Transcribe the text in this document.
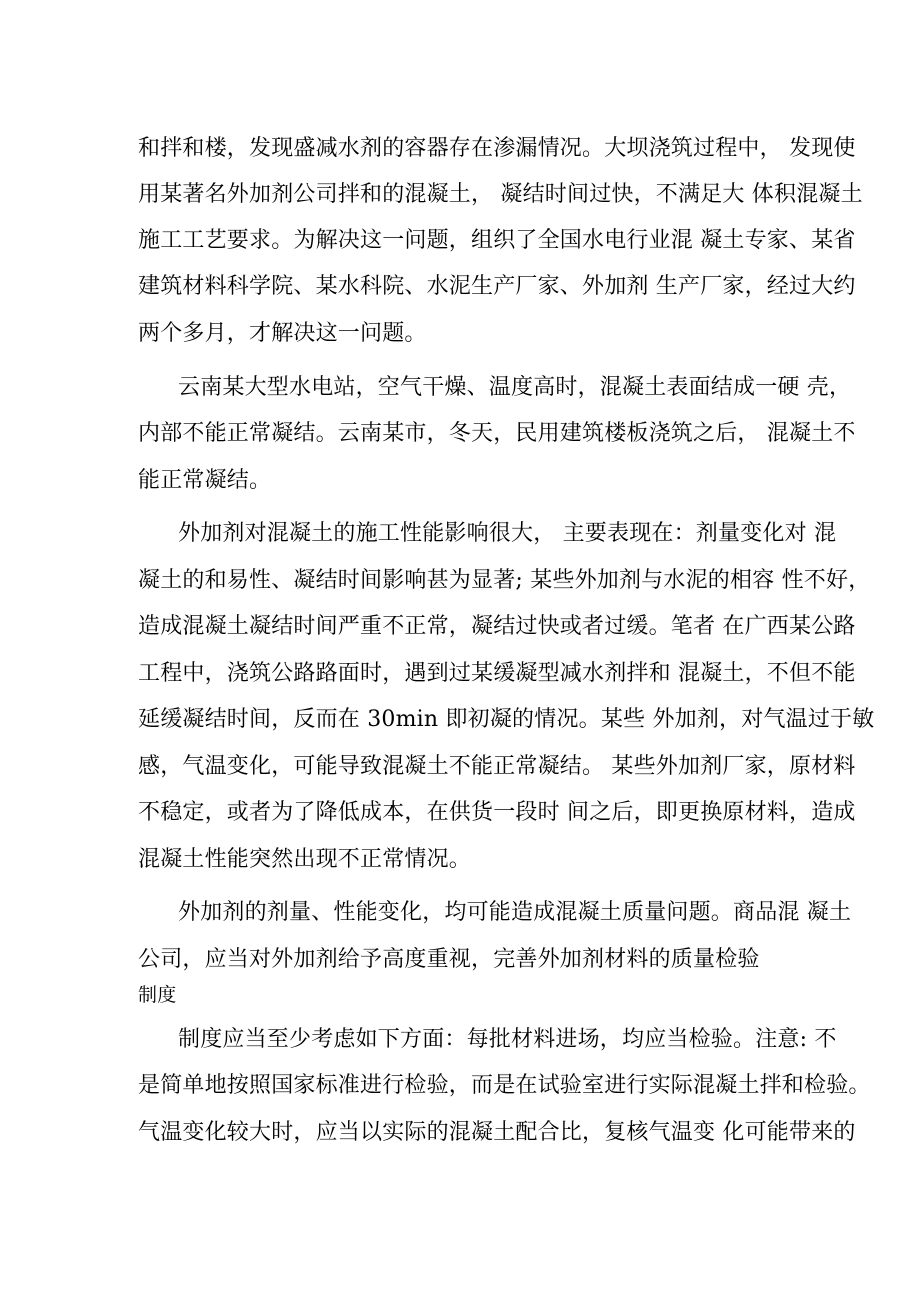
和拌和楼，发现盛减水剂的容器存在渗漏情况。大坝浇筑过程中， 发现使
用某著名外加剂公司拌和的混凝土， 凝结时间过快，不满足大 体积混凝土
施工工艺要求。为解决这一问题，组织了全国水电行业混 凝土专家、某省
建筑材料科学院、某水科院、水泥生产厂家、外加剂 生产厂家，经过大约
两个多月，才解决这一问题。
云南某大型水电站，空气干燥、温度高时，混凝土表面结成一硬 壳，
内部不能正常凝结。云南某市，冬天，民用建筑楼板浇筑之后， 混凝土不
能正常凝结。
外加剂对混凝土的施工性能影响很大， 主要表现在：剂量变化对 混
凝土的和易性、凝结时间影响甚为显著; 某些外加剂与水泥的相容 性不好，
造成混凝土凝结时间严重不正常，凝结过快或者过缓。笔者 在广西某公路
工程中，浇筑公路路面时，遇到过某缓凝型减水剂拌和 混凝土，不但不能
延缓凝结时间，反而在 30min 即初凝的情况。某些 外加剂，对气温过于敏
感，气温变化，可能导致混凝土不能正常凝结。 某些外加剂厂家，原材料
不稳定，或者为了降低成本，在供货一段时 间之后，即更换原材料，造成
混凝土性能突然出现不正常情况。
外加剂的剂量、性能变化，均可能造成混凝土质量问题。商品混 凝土
公司，应当对外加剂给予高度重视，完善外加剂材料的质量检验
制度
制度应当至少考虑如下方面：每批材料进场，均应当检验。注意: 不
是简单地按照国家标准进行检验，而是在试验室进行实际混凝土拌和检验。
气温变化较大时，应当以实际的混凝土配合比，复核气温变 化可能带来的
